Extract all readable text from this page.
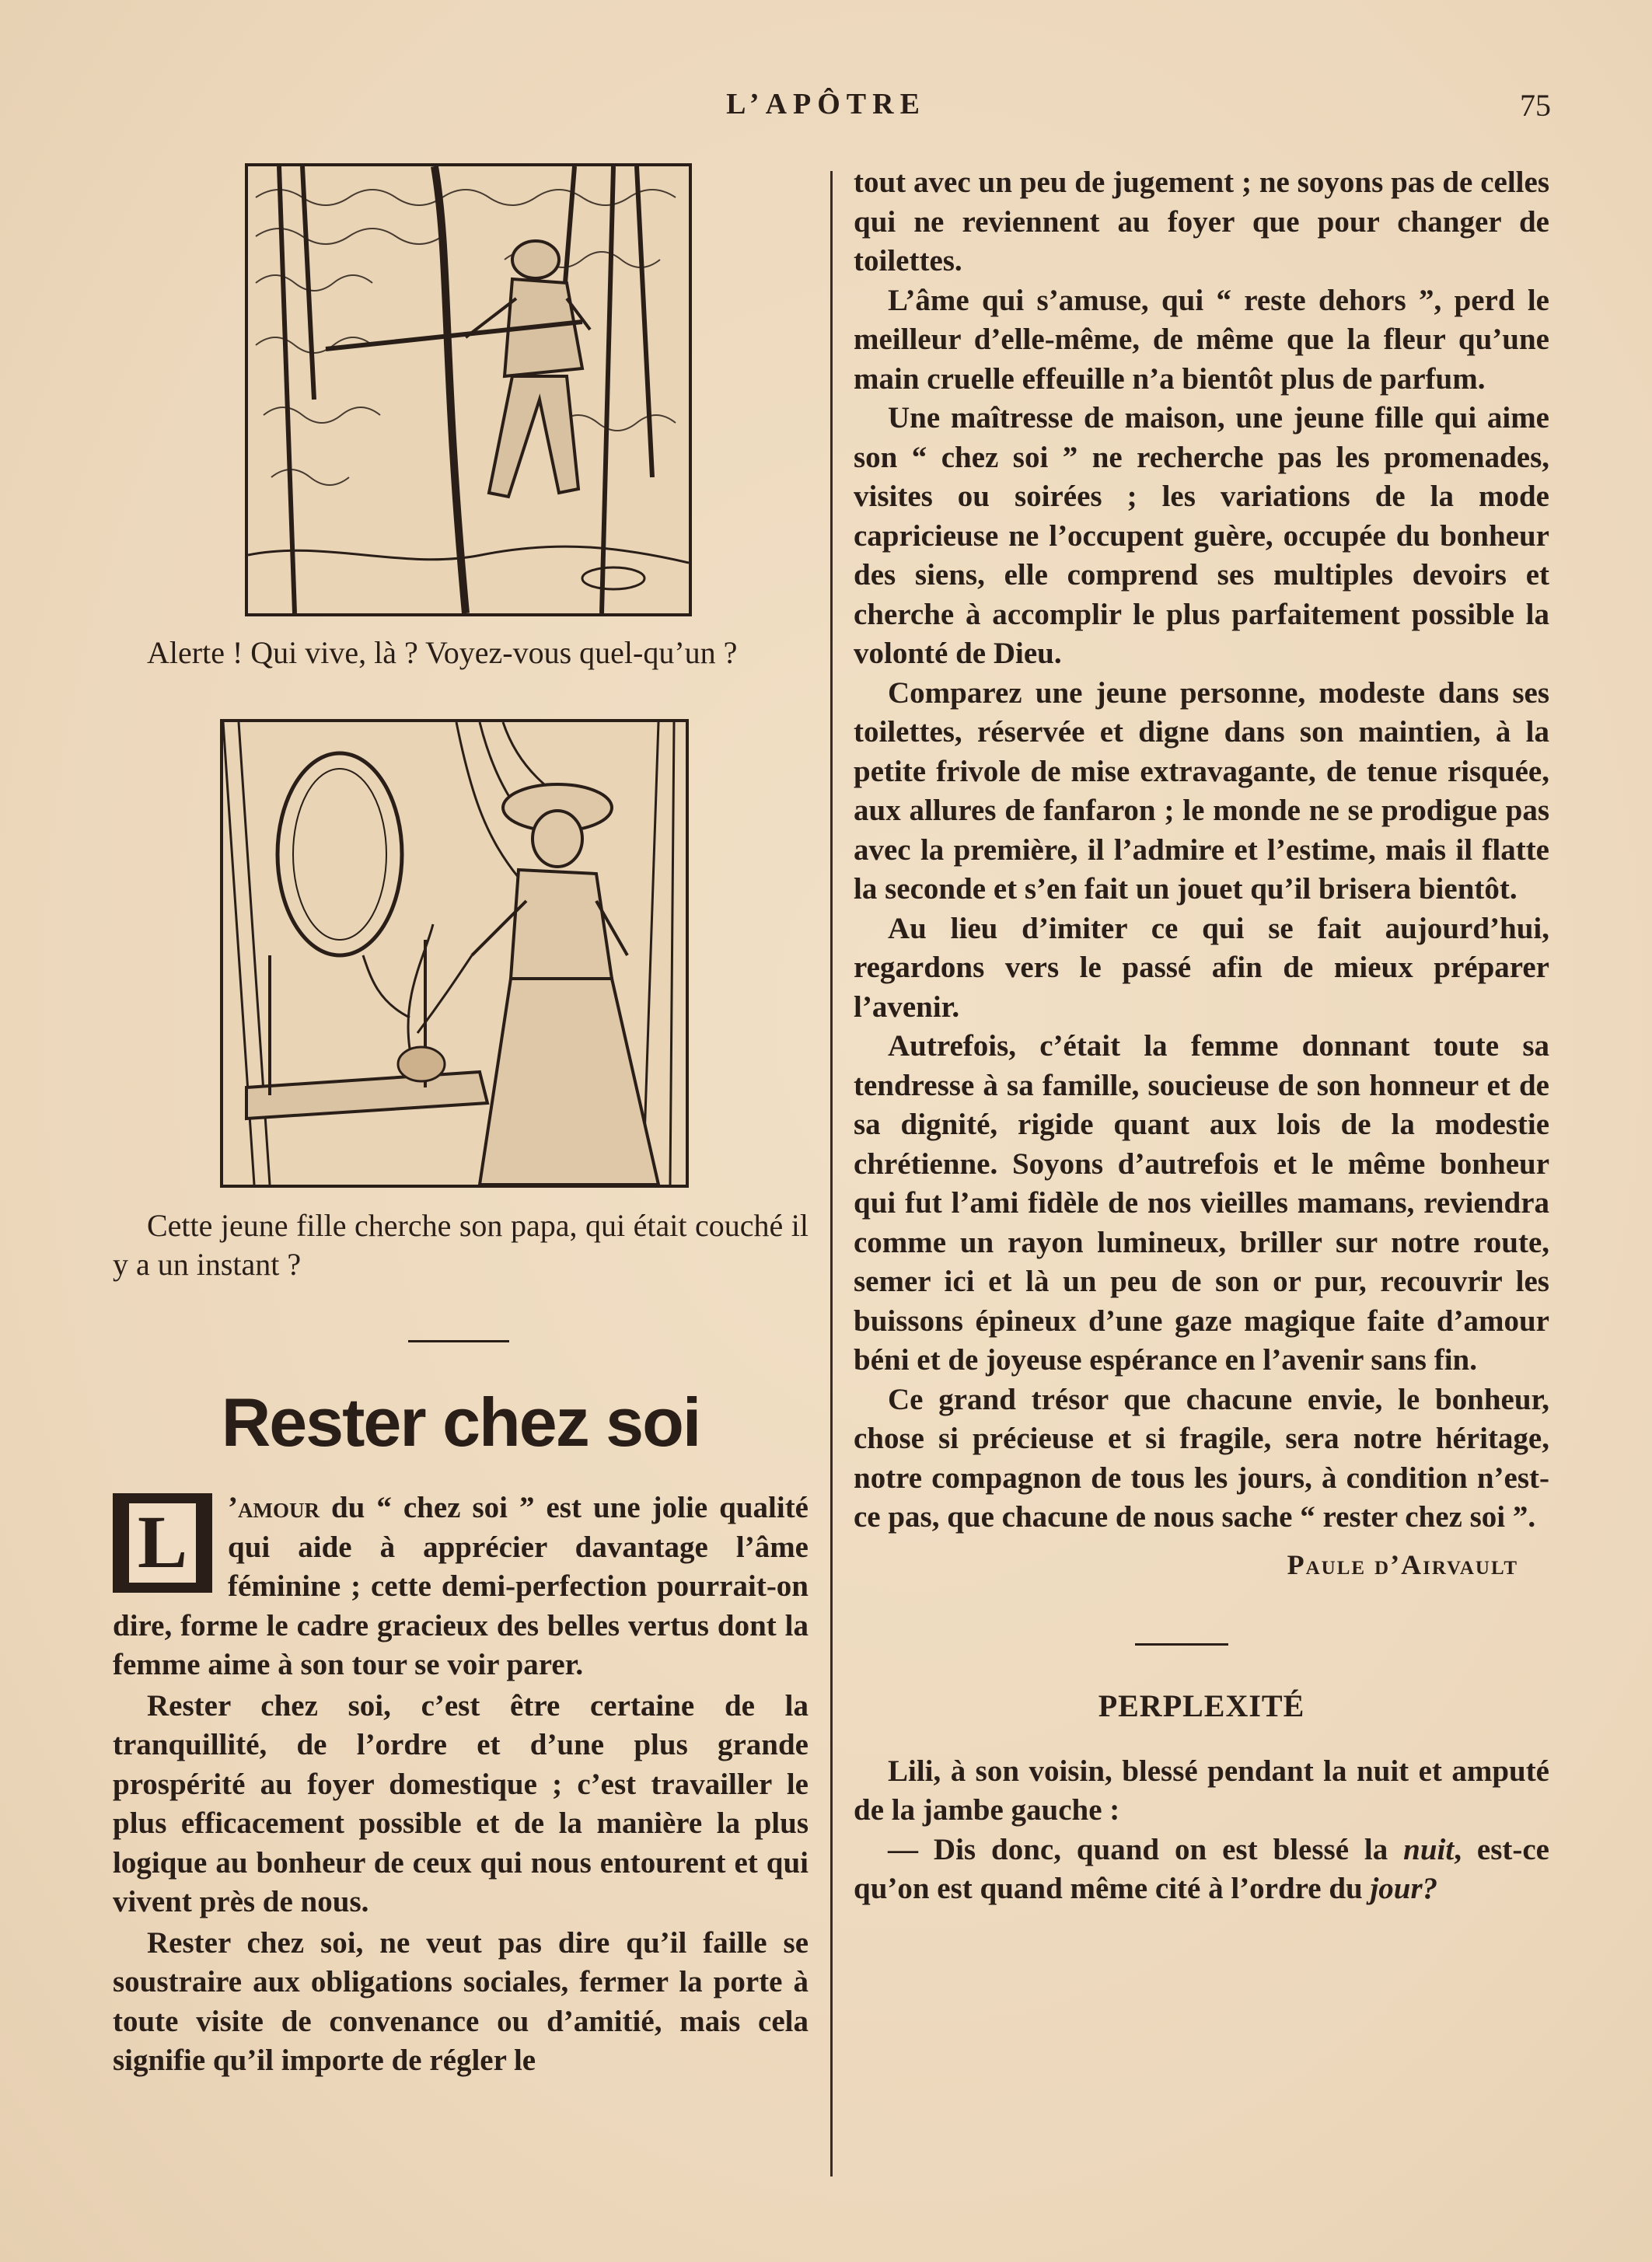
L’APÔTRE	75

Alerte ! Qui vive, là ? Voyez-vous quel-qu’un ?

Cette jeune fille cherche son papa, qui était couché il y a un instant ?

Rester chez soi
L	’amour du “ chez soi ” est une jolie qualité qui aide à apprécier davantage l’âme féminine ; cette demi-perfection pourrait-on dire, forme le cadre gracieux des belles vertus dont la femme aime à son tour se voir parer.

Rester chez soi, c’est être certaine de la tranquillité, de l’ordre et d’une plus grande prospérité au foyer domestique ; c’est travailler le plus efficacement possible et de la manière la plus logique au bonheur de ceux qui nous entourent et qui vivent près de nous.

Rester chez soi, ne veut pas dire qu’il faille se soustraire aux obligations sociales, fermer la porte à toute visite de convenance ou d’amitié, mais cela signifie qu’il importe de régler le

tout avec un peu de jugement ; ne soyons pas de celles qui ne reviennent au foyer que pour changer de toilettes.

L’âme qui s’amuse, qui “ reste dehors ”, perd le meilleur d’elle-même, de même que la fleur qu’une main cruelle effeuille n’a bientôt plus de parfum.

Une maîtresse de maison, une jeune fille qui aime son “ chez soi ” ne recherche pas les promenades, visites ou soirées ; les variations de la mode capricieuse ne l’occupent guère, occupée du bonheur des siens, elle comprend ses multiples devoirs et cherche à accomplir le plus parfaitement possible la volonté de Dieu.

Comparez une jeune personne, modeste dans ses toilettes, réservée et digne dans son maintien, à la petite frivole de mise extravagante, de tenue risquée, aux allures de fanfaron ; le monde ne se prodigue pas avec la première, il l’admire et l’estime, mais il flatte la seconde et s’en fait un jouet qu’il brisera bientôt.

Au lieu d’imiter ce qui se fait aujourd’hui, regardons vers le passé afin de mieux préparer l’avenir.

Autrefois, c’était la femme donnant toute sa tendresse à sa famille, soucieuse de son honneur et de sa dignité, rigide quant aux lois de la modestie chrétienne. Soyons d’autrefois et le même bonheur qui fut l’ami fidèle de nos vieilles mamans, reviendra comme un rayon lumineux, briller sur notre route, semer ici et là un peu de son or pur, recouvrir les buissons épineux d’une gaze magique faite d’amour béni et de joyeuse espérance en l’avenir sans fin.

Ce grand trésor que chacune envie, le bonheur, chose si précieuse et si fragile, sera notre héritage, notre compagnon de tous les jours, à condition n’est-ce pas, que chacune de nous sache “ rester chez soi ”.

Paule d’Airvault

PERPLEXITÉ

Lili, à son voisin, blessé pendant la nuit et amputé de la jambe gauche :

— Dis donc, quand on est blessé la nuit, est-ce qu’on est quand même cité à l’ordre du jour?
